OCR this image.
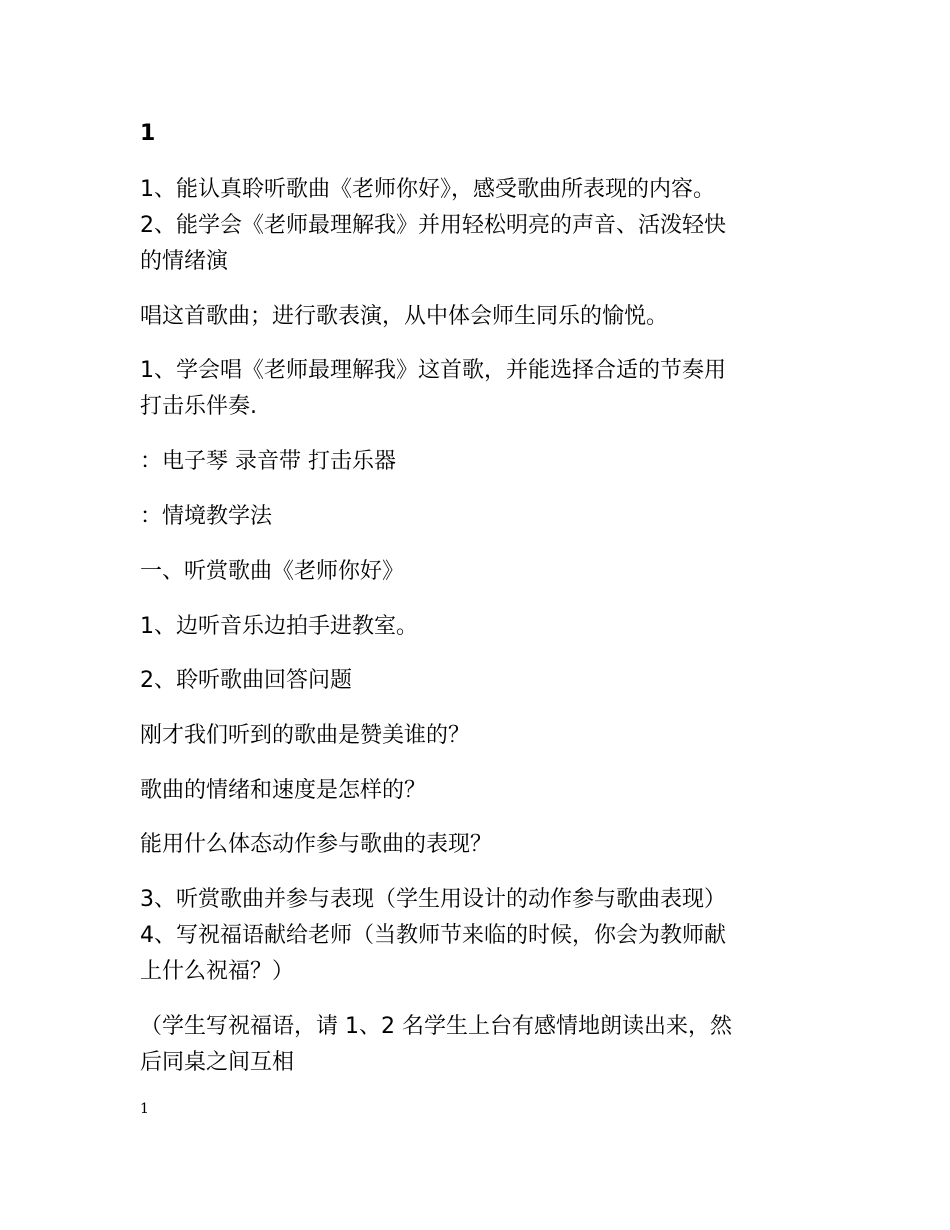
1
1、能认真聆听歌曲《老师你好》，感受歌曲所表现的内容。
2、能学会《老师最理解我》并用轻松明亮的声音、活泼轻快
的情绪演
唱这首歌曲；进行歌表演，从中体会师生同乐的愉悦。
1、学会唱《老师最理解我》这首歌，并能选择合适的节奏用
打击乐伴奏.
：电子琴 录音带 打击乐器
：情境教学法
一、听赏歌曲《老师你好》
1、边听音乐边拍手进教室。
2、聆听歌曲回答问题
刚才我们听到的歌曲是赞美谁的？
歌曲的情绪和速度是怎样的？
能用什么体态动作参与歌曲的表现？
3、听赏歌曲并参与表现（学生用设计的动作参与歌曲表现）
4、写祝福语献给老师（当教师节来临的时候，你会为教师献
上什么祝福？）
（学生写祝福语，请 1、2 名学生上台有感情地朗读出来，然
后同桌之间互相
1
